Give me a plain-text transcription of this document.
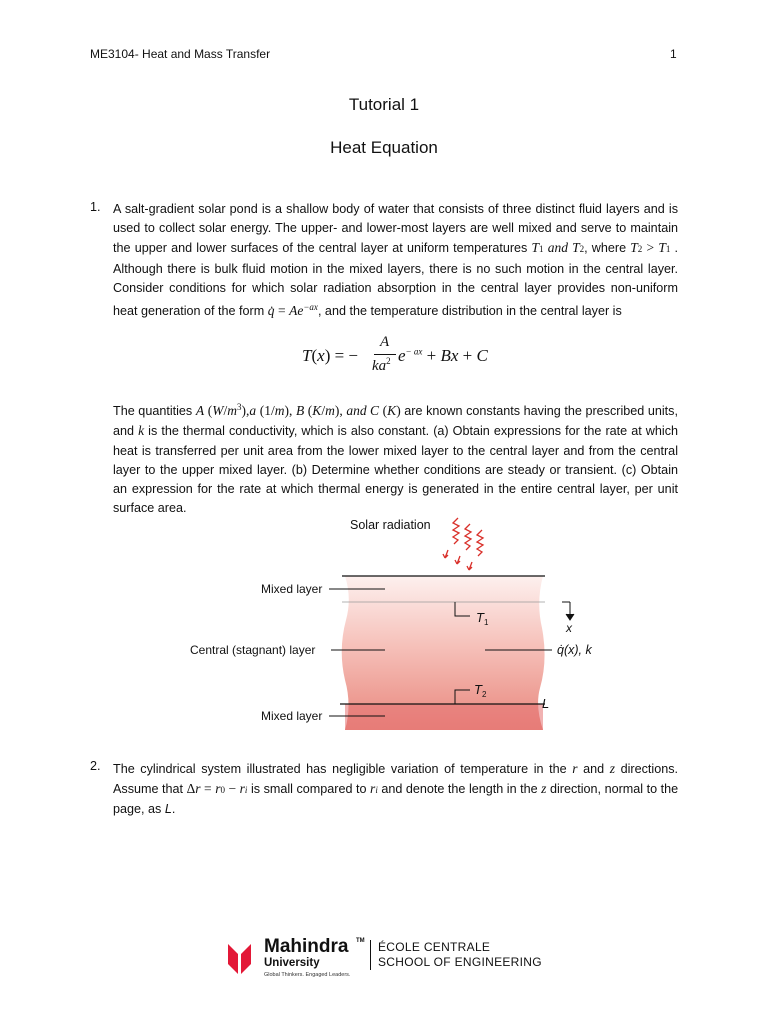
ME3104- Heat and Mass Transfer	1
Tutorial 1
Heat Equation
1. A salt-gradient solar pond is a shallow body of water that consists of three distinct fluid layers and is used to collect solar energy. The upper- and lower-most layers are well mixed and serve to maintain the upper and lower surfaces of the central layer at uniform temperatures T1 and T2, where T2 > T1 . Although there is bulk fluid motion in the mixed layers, there is no such motion in the central layer. Consider conditions for which solar radiation absorption in the central layer provides non-uniform heat generation of the form q̇ = $Ae^{-ax}$, and the temperature distribution in the central layer is

T(x) = −
A
$ka^2$ $e^{- ax} + Bx + C$

The quantities A $(W/m^3),a$ (1/m), B (K/m), and C (K) are known constants having the prescribed units, and k is the thermal conductivity, which is also constant. (a) Obtain expressions for the rate at which heat is transferred per unit area from the lower mixed layer to the central layer and from the central layer to the upper mixed layer. (b) Determine whether conditions are steady or transient. (c) Obtain an expression for the rate at which thermal energy is generated in the entire central layer, per unit surface area.

Solar radiation
Mixed layer
Central (stagnant) layer
Mixed layer
$T_1$
$T_2$
x
q̇(x), k
L
2. The cylindrical system illustrated has negligible variation of temperature in the r and z directions. Assume that Δr = r0 − ri is small compared to ri and denote the length in the z direction, normal to the page, as L.

Mahindra TM
University
Global Thinkers. Engaged Leaders.
ÉCOLE CENTRALE
SCHOOL OF ENGINEERING
